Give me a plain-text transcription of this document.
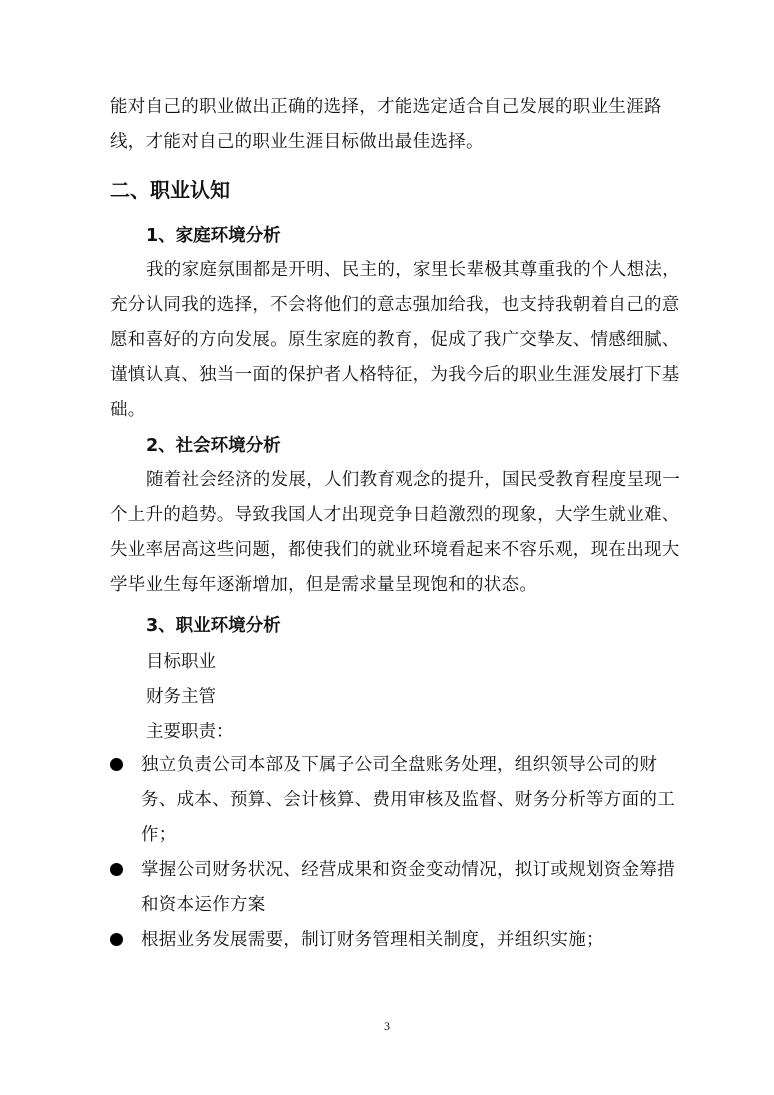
能对自己的职业做出正确的选择，才能选定适合自己发展的职业生涯路线，才能对自己的职业生涯目标做出最佳选择。

二、职业认知
1、家庭环境分析

我的家庭氛围都是开明、民主的，家里长辈极其尊重我的个人想法，充分认同我的选择，不会将他们的意志强加给我，也支持我朝着自己的意愿和喜好的方向发展。原生家庭的教育，促成了我广交挚友、情感细腻、谨慎认真、独当一面的保护者人格特征，为我今后的职业生涯发展打下基础。

2、社会环境分析

随着社会经济的发展，人们教育观念的提升，国民受教育程度呈现一个上升的趋势。导致我国人才出现竞争日趋激烈的现象，大学生就业难、失业率居高这些问题，都使我们的就业环境看起来不容乐观，现在出现大学毕业生每年逐渐增加，但是需求量呈现饱和的状态。

3、职业环境分析

目标职业

财务主管

主要职责：

独立负责公司本部及下属子公司全盘账务处理，组织领导公司的财务、成本、预算、会计核算、费用审核及监督、财务分析等方面的工作；
掌握公司财务状况、经营成果和资金变动情况，拟订或规划资金筹措和资本运作方案
根据业务发展需要，制订财务管理相关制度，并组织实施；
3
